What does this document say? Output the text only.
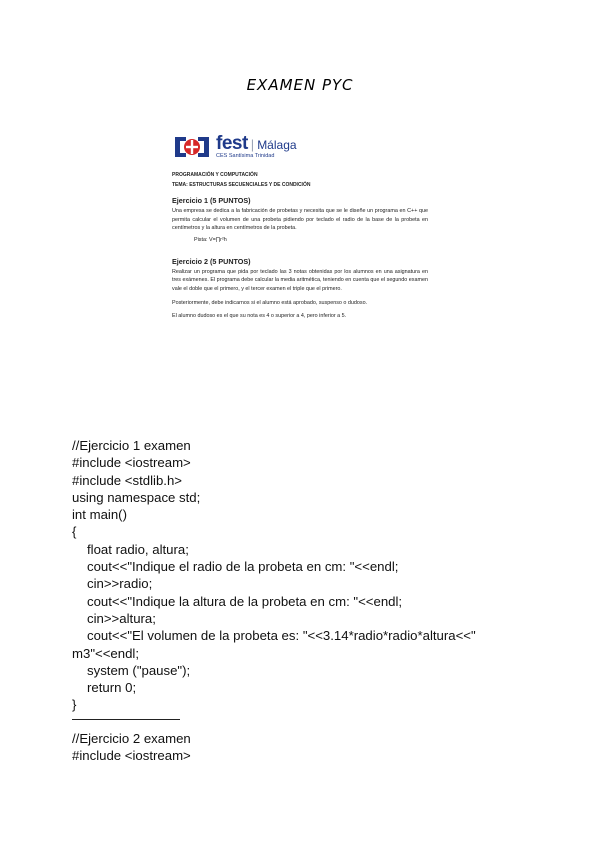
EXAMEN PYC
fest | Málaga
CES Santísima Trinidad
PROGRAMACIÓN Y COMPUTACIÓN
TEMA: ESTRUCTURAS SECUENCIALES Y DE CONDICIÓN
Ejercicio 1 (5 PUNTOS)
Una empresa se dedica a la fabricación de probetas y necesita que se le diseñe un programa en C++ que permita calcular el volumen de una probeta pidiendo por teclado el radio de la base de la probeta en centímetros y la altura en centímetros de la probeta.
Pista: V=∏r²h
Ejercicio 2 (5 PUNTOS)
Realizar un programa que pida por teclado las 3 notas obtenidas por los alumnos en una asignatura en tres exámenes. El programa debe calcular la media aritmética, teniendo en cuenta que el segundo examen vale el doble que el primero, y el tercer examen el triple que el primero.
Posteriormente, debe indicarnos si el alumno está aprobado, suspenso o dudoso.
El alumno dudoso es el que su nota es 4 o superior a 4, pero inferior a 5.
//Ejercicio 1 examen
#include <iostream>
#include <stdlib.h>
using namespace std;
int main()
{
float radio, altura;
cout<<"Indique el radio de la probeta en cm: "<<endl;
cin>>radio;
cout<<"Indique la altura de la probeta en cm: "<<endl;
cin>>altura;
cout<<"El volumen de la probeta es: "<<3.14*radio*radio*altura<<"
m3"<<endl;
system ("pause");
return 0;
}
//Ejercicio 2 examen
#include <iostream>
